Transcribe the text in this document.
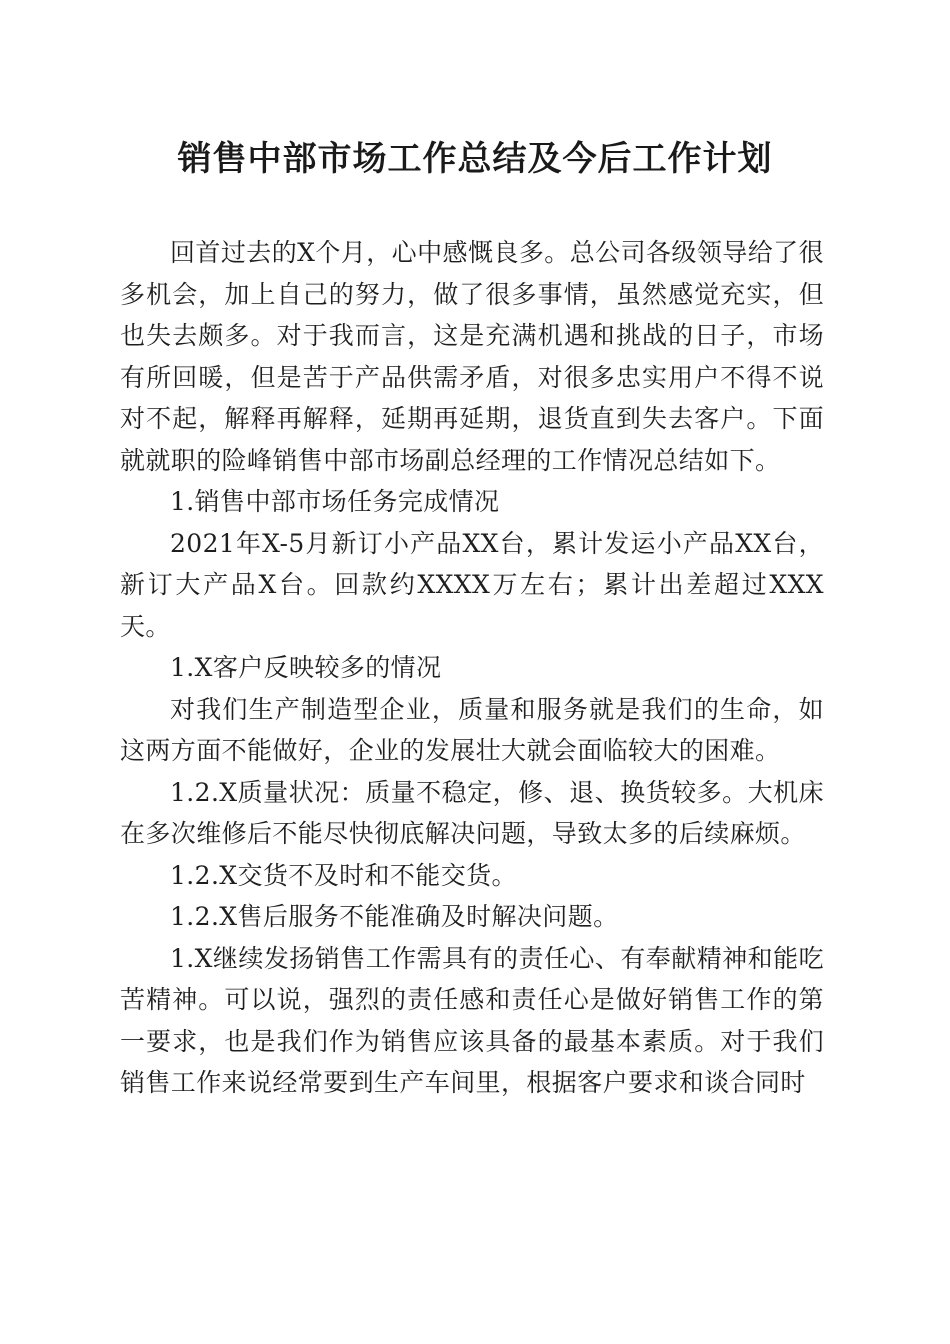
销售中部市场工作总结及今后工作计划

回首过去的X个月，心中感慨良多。总公司各级领导给了很多机会，加上自己的努力，做了很多事情，虽然感觉充实，但也失去颇多。对于我而言，这是充满机遇和挑战的日子，市场有所回暖，但是苦于产品供需矛盾，对很多忠实用户不得不说对不起，解释再解释，延期再延期，退货直到失去客户。下面就就职的险峰销售中部市场副总经理的工作情况总结如下。

1.销售中部市场任务完成情况

2021年X-5月新订小产品XX台，累计发运小产品XX台，新订大产品X台。回款约XXXX万左右；累计出差超过XXX天。

1.X客户反映较多的情况

对我们生产制造型企业，质量和服务就是我们的生命，如这两方面不能做好，企业的发展壮大就会面临较大的困难。

1.2.X质量状况：质量不稳定，修、退、换货较多。大机床在多次维修后不能尽快彻底解决问题，导致太多的后续麻烦。

1.2.X交货不及时和不能交货。

1.2.X售后服务不能准确及时解决问题。

1.X继续发扬销售工作需具有的责任心、有奉献精神和能吃苦精神。可以说，强烈的责任感和责任心是做好销售工作的第一要求，也是我们作为销售应该具备的最基本素质。对于我们销售工作来说经常要到生产车间里，根据客户要求和谈合同时
